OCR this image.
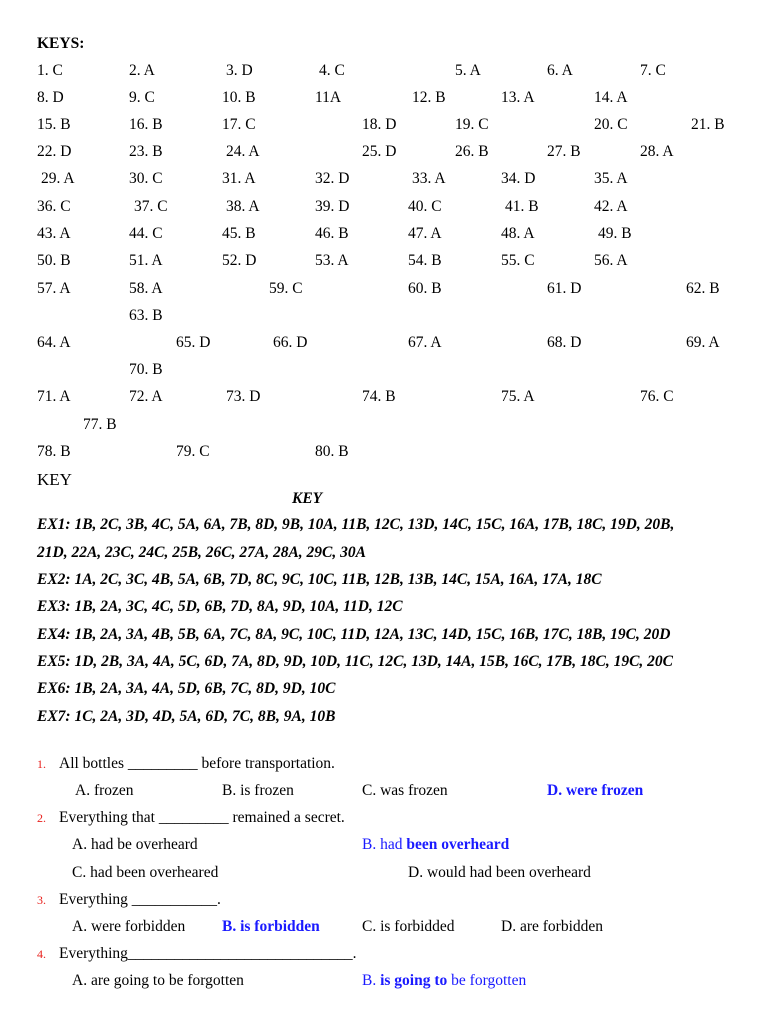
KEYS:
1. C	2. A	3. D	4. C	5. A	6. A	7. C
8. D	9. C	10. B	11A	12. B	13. A	14. A
15. B	16. B	17. C	18. D	19. C	20. C	21. B
22. D	23. B	24. A	25. D	26. B	27. B	28. A
29. A	30. C	31. A	32. D	33. A	34. D	35. A
36. C	37. C	38. A	39. D	40. C	41. B	42. A
43. A	44. C	45. B	46. B	47. A	48. A	49. B
50. B	51. A	52. D	53. A	54. B	55. C	56. A
57. A	58. A	59. C	60. B	61. D	62. B
63. B
64. A	65. D	66. D	67. A	68. D	69. A
70. B
71. A	72. A	73. D	74. B	75. A	76. C
77. B
78. B	79. C	80. B
KEY
KEY
EX1: 1B, 2C, 3B, 4C, 5A, 6A, 7B, 8D, 9B, 10A, 11B, 12C, 13D, 14C, 15C, 16A, 17B, 18C, 19D, 20B,
21D, 22A, 23C, 24C, 25B, 26C, 27A, 28A, 29C, 30A
EX2: 1A, 2C, 3C, 4B, 5A, 6B, 7D, 8C, 9C, 10C, 11B, 12B, 13B, 14C, 15A, 16A, 17A, 18C
EX3: 1B, 2A, 3C, 4C, 5D, 6B, 7D, 8A, 9D, 10A, 11D, 12C
EX4: 1B, 2A, 3A, 4B, 5B, 6A, 7C, 8A, 9C, 10C, 11D, 12A, 13C, 14D, 15C, 16B, 17C, 18B, 19C, 20D
EX5: 1D, 2B, 3A, 4A, 5C, 6D, 7A, 8D, 9D, 10D, 11C, 12C, 13D, 14A, 15B, 16C, 17B, 18C, 19C, 20C
EX6: 1B, 2A, 3A, 4A, 5D, 6B, 7C, 8D, 9D, 10C
EX7: 1C, 2A, 3D, 4D, 5A, 6D, 7C, 8B, 9A, 10B
1. All bottles _________ before transportation.
A. frozen	B. is frozen	C. was frozen	D. were frozen
2. Everything that _________ remained a secret.
A. had be overheard	B. had been overheard
C. had been overheared	D. would had been overheard
3. Everything ___________.
A. were forbidden B. is forbidden	C. is forbidded	D. are forbidden
4. Everything_____________________________.
A. are going to be forgotten	B. is going to be forgotten
